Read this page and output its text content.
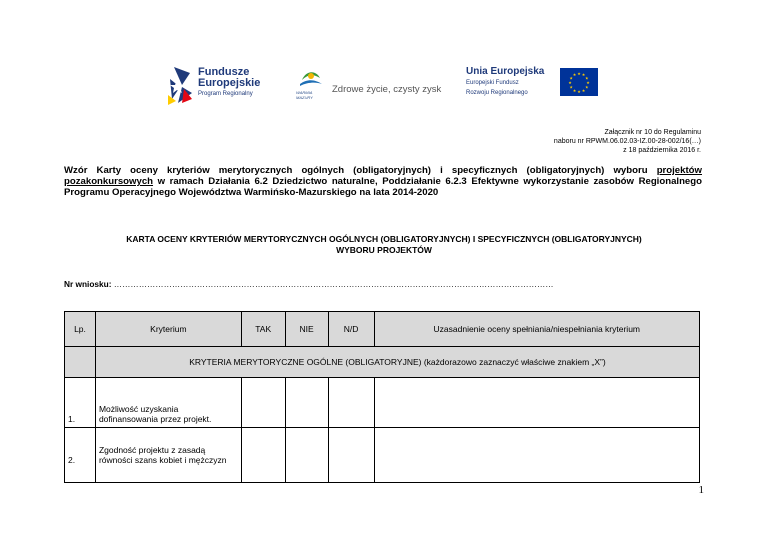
Fundusze
Europejskie
Program Regionalny	WARMIA
MAZURY
Zdrowe życie, czysty zysk
Unia Europejska
Europejski Fundusz
Rozwoju Regionalnego
★ ★
★
★
★
★
★
★
★
★
★
★
Załącznik nr 10 do Regulaminu
naboru nr RPWM.06.02.03-IZ.00-28-002/16(…)
z 18 października 2016 r.
Wzór Karty oceny kryteriów merytorycznych ogólnych (obligatoryjnych) i specyficznych (obligatoryjnych) wyboru projektów pozakonkursowych w ramach Działania 6.2 Dziedzictwo naturalne, Poddziałanie 6.2.3 Efektywne wykorzystanie zasobów Regionalnego Programu Operacyjnego Województwa Warmińsko-Mazurskiego na lata 2014-2020
KARTA OCENY KRYTERIÓW MERYTORYCZNYCH OGÓLNYCH (OBLIGATORYJNYCH) I SPECYFICZNYCH (OBLIGATORYJNYCH)
WYBORU PROJEKTÓW
Nr wniosku: ……………………………………………………………………………………………………………………………………………
Lp.	Kryterium	TAK	NIE	N/D	Uzasadnienie oceny spełniania/niespełniania kryterium
	KRYTERIA MERYTORYCZNE OGÓLNE (OBLIGATORYJNE) (każdorazowo zaznaczyć właściwe znakiem „X”)				
1.	Możliwość uzyskania dofinansowania przez projekt.				
2.	Zgodność projektu z zasadą równości szans kobiet i mężczyzn				
1
